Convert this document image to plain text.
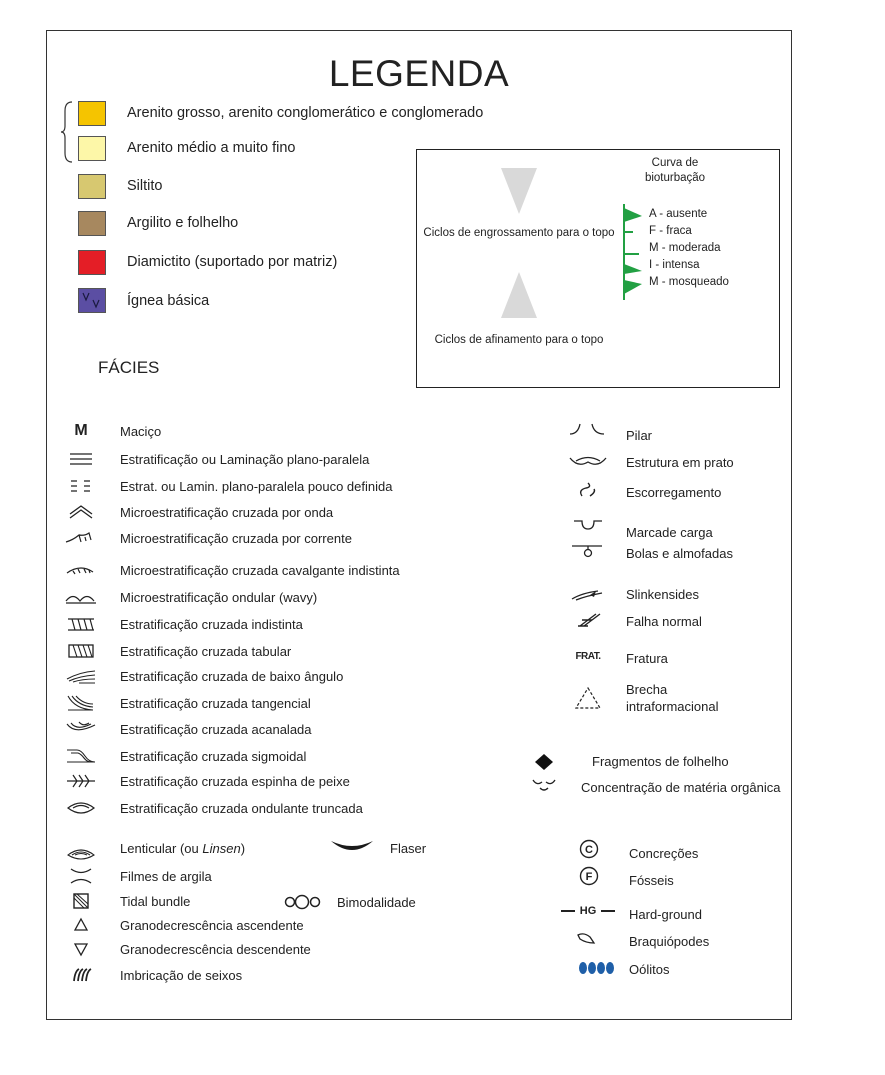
LEGENDA
Arenito grosso, arenito conglomerático e conglomerado
Arenito médio a muito fino
Siltito
Argilito e folhelho
Diamictito (suportado por matriz)
Ígnea básica
Ciclos de engrossamento para o topo
Ciclos de afinamento para o topo
Curva de bioturbação
A - ausente
F - fraca
M - moderada
I - intensa
M - mosqueado
FÁCIES
M	Maciço
Estratificação ou Laminação plano-paralela
Estrat. ou Lamin. plano-paralela pouco definida
Microestratificação cruzada por onda
Microestratificação cruzada por corrente
Microestratificação cruzada cavalgante indistinta
Microestratificação ondular (wavy)
Estratificação cruzada indistinta
Estratificação cruzada tabular
Estratificação cruzada de baixo ângulo
Estratificação cruzada tangencial
Estratificação cruzada acanalada
Estratificação cruzada sigmoidal
Estratificação cruzada espinha de peixe
Estratificação cruzada ondulante truncada
Lenticular (ou Linsen)	Flaser
Filmes de argila
Tidal bundle	Bimodalidade
Granodecrescência ascendente
Granodecrescência descendente
Imbricação de seixos
Pilar
Estrutura em prato
Escorregamento
Marcade carga
Bolas e almofadas
Slinkensides
Falha normal
FRAT.	Fratura
Brecha intraformacional
Fragmentos de folhelho
Concentração de matéria orgânica
C	Concreções
F	Fósseis
HG	Hard-ground
Braquiópodes
Oólitos
